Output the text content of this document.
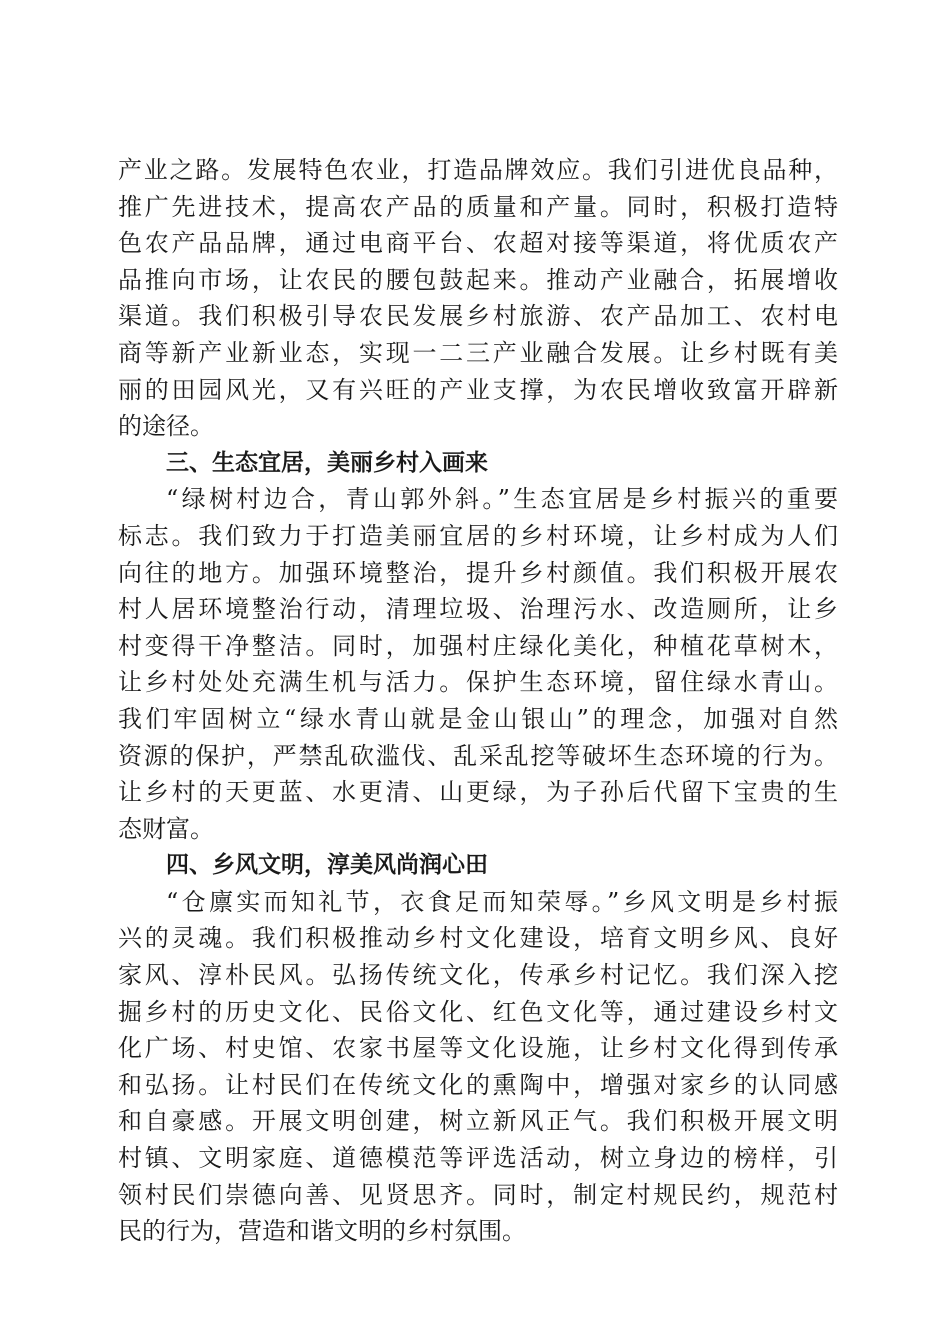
产业之路。发展特色农业，打造品牌效应。我们引进优良品种，
推广先进技术，提高农产品的质量和产量。同时，积极打造特
色农产品品牌，通过电商平台、农超对接等渠道，将优质农产
品推向市场，让农民的腰包鼓起来。推动产业融合，拓展增收
渠道。我们积极引导农民发展乡村旅游、农产品加工、农村电
商等新产业新业态，实现一二三产业融合发展。让乡村既有美
丽的田园风光，又有兴旺的产业支撑，为农民增收致富开辟新
的途径。
三、生态宜居，美丽乡村入画来
“绿树村边合，青山郭外斜。”生态宜居是乡村振兴的重要
标志。我们致力于打造美丽宜居的乡村环境，让乡村成为人们
向往的地方。加强环境整治，提升乡村颜值。我们积极开展农
村人居环境整治行动，清理垃圾、治理污水、改造厕所，让乡
村变得干净整洁。同时，加强村庄绿化美化，种植花草树木，
让乡村处处充满生机与活力。保护生态环境，留住绿水青山。
我们牢固树立“绿水青山就是金山银山”的理念，加强对自然
资源的保护，严禁乱砍滥伐、乱采乱挖等破坏生态环境的行为。
让乡村的天更蓝、水更清、山更绿，为子孙后代留下宝贵的生
态财富。
四、乡风文明，淳美风尚润心田
“仓廪实而知礼节，衣食足而知荣辱。”乡风文明是乡村振
兴的灵魂。我们积极推动乡村文化建设，培育文明乡风、良好
家风、淳朴民风。弘扬传统文化，传承乡村记忆。我们深入挖
掘乡村的历史文化、民俗文化、红色文化等，通过建设乡村文
化广场、村史馆、农家书屋等文化设施，让乡村文化得到传承
和弘扬。让村民们在传统文化的熏陶中，增强对家乡的认同感
和自豪感。开展文明创建，树立新风正气。我们积极开展文明
村镇、文明家庭、道德模范等评选活动，树立身边的榜样，引
领村民们崇德向善、见贤思齐。同时，制定村规民约，规范村
民的行为，营造和谐文明的乡村氛围。
